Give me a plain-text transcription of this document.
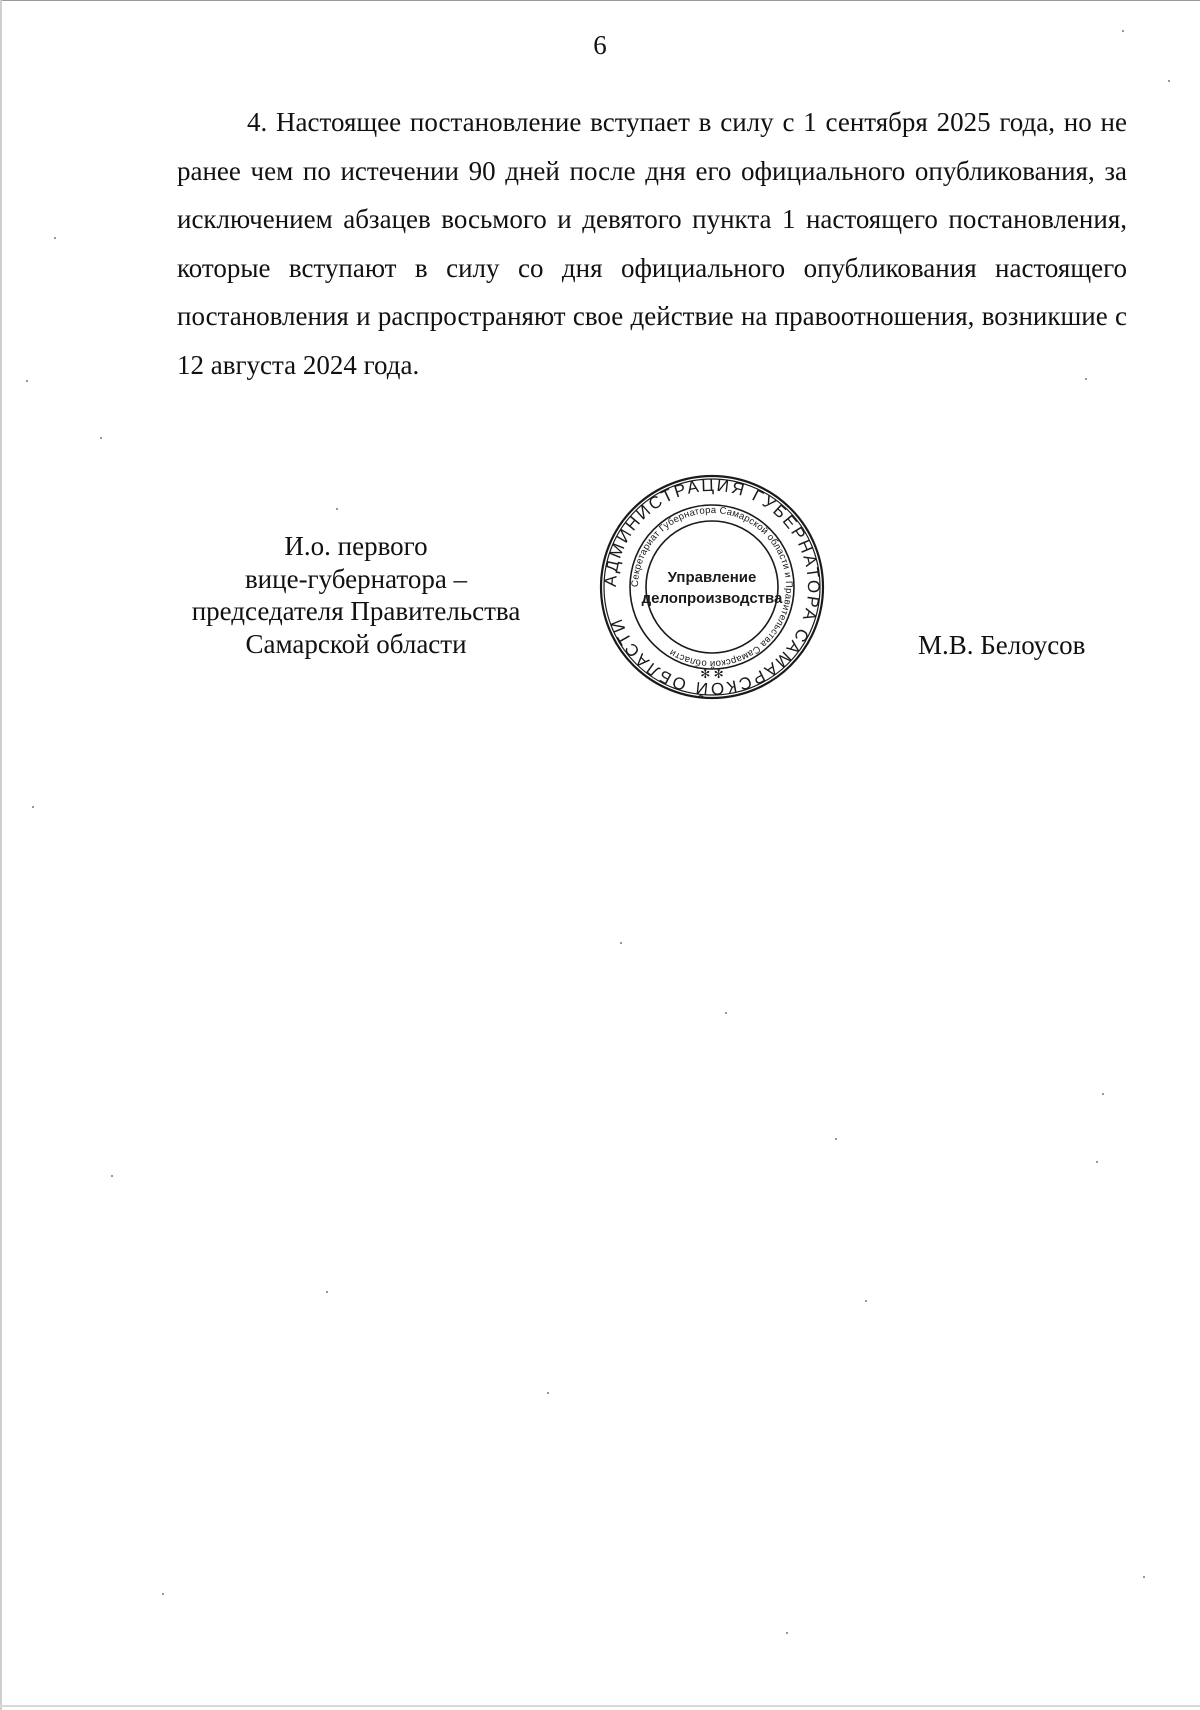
6

4. Настоящее постановление вступает в силу с 1 сентября 2025 года, но не ранее чем по истечении 90 дней после дня его официального опубликования, за исключением абзацев восьмого и девятого пункта 1 настоящего постановления, которые вступают в силу со дня официального опубликования настоящего постановления и распространяют свое действие на правоотношения, возникшие с 12 августа 2024 года.

И.о. первого
вице-губернатора –
председателя Правительства
Самарской области
АДМИНИСТРАЦИЯ ГУБЕРНАТОРА САМАРСКОЙ ОБЛАСТИ
Секретариат Губернатора Самарской области и Правительства Самарской области
Управление
делопроизводства
✻ ✻
М.В. Белоусов
